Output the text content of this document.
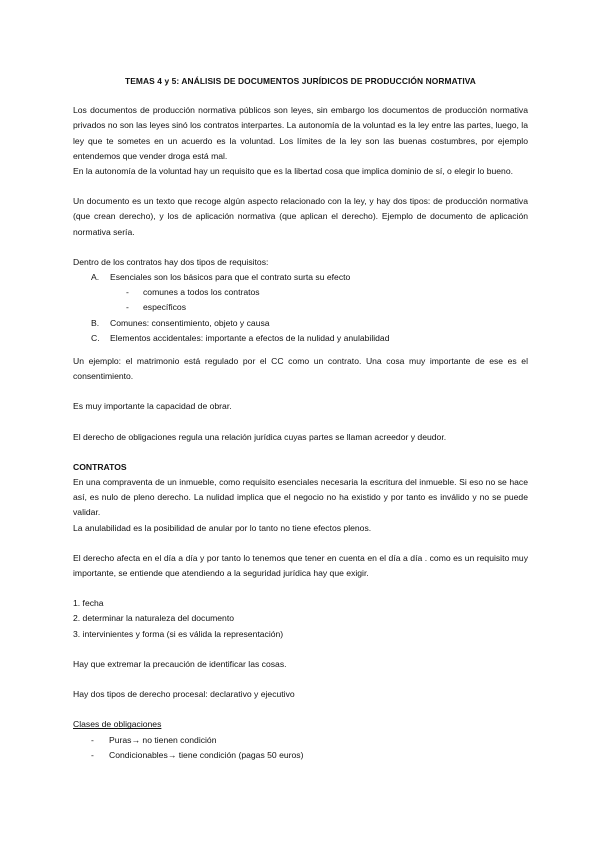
TEMAS 4 y 5: ANÁLISIS DE DOCUMENTOS JURÍDICOS DE PRODUCCIÓN NORMATIVA

Los documentos de producción normativa públicos son leyes, sin embargo los documentos de producción normativa privados no son las leyes sinó los contratos interpartes. La autonomía de la voluntad es la ley entre las partes, luego, la ley que te sometes en un acuerdo es la voluntad. Los límites de la ley son las buenas costumbres, por ejemplo entendemos que vender droga está mal.

En la autonomía de la voluntad hay un requisito que es la libertad cosa que implica dominio de sí, o elegir lo bueno.

Un documento es un texto que recoge algún aspecto relacionado con la ley, y hay dos tipos: de producción normativa (que crean derecho), y los de aplicación normativa (que aplican el derecho). Ejemplo de documento de aplicación normativa sería.

Dentro de los contratos hay dos tipos de requisitos:

A. Esenciales son los básicos para que el contrato surta su efecto
- comunes a todos los contratos
- específicos
B. Comunes: consentimiento, objeto y causa
C. Elementos accidentales: importante a efectos de la nulidad y anulabilidad

Un ejemplo: el matrimonio está regulado por el CC como un contrato. Una cosa muy importante de ese es el consentimiento.

Es muy importante la capacidad de obrar.

El derecho de obligaciones regula una relación jurídica cuyas partes se llaman acreedor y deudor.

CONTRATOS

En una compraventa de un inmueble, como requisito esenciales necesaria la escritura del inmueble. Si eso no se hace así, es nulo de pleno derecho. La nulidad implica que el negocio no ha existido y por tanto es inválido y no se puede validar.

La anulabilidad es la posibilidad de anular por lo tanto no tiene efectos plenos.

El derecho afecta en el día a día y por tanto lo tenemos que tener en cuenta en el día a día . como es un requisito muy importante, se entiende que atendiendo a la seguridad jurídica hay que exigir.

1. fecha

2. determinar la naturaleza del documento

3. intervinientes y forma (si es válida la representación)

Hay que extremar la precaución de identificar las cosas.

Hay dos tipos de derecho procesal: declarativo y ejecutivo

Clases de obligaciones

- Puras→ no tienen condición
- Condicionables→ tiene condición (pagas 50 euros)
